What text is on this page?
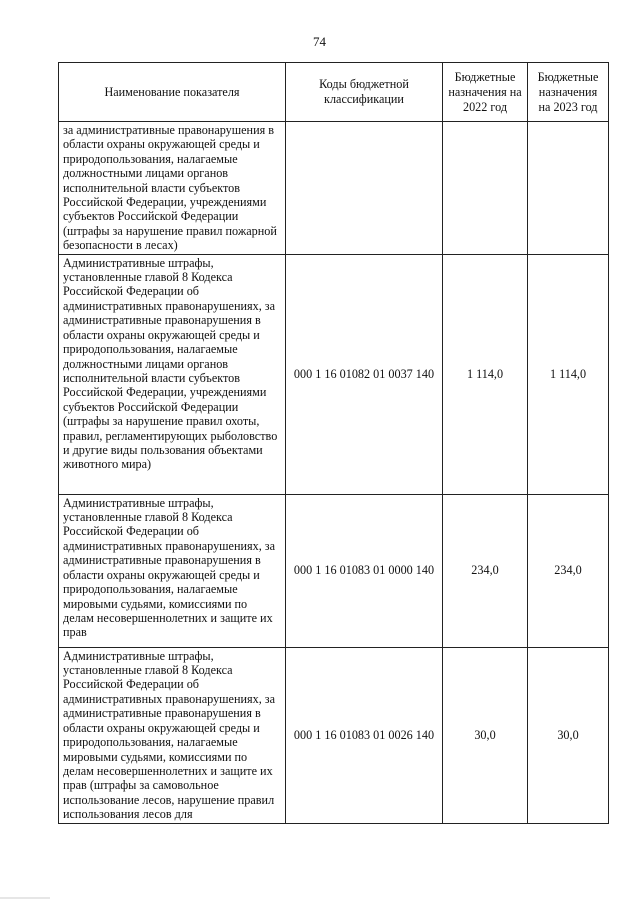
74
Наименование показателя	Коды бюджетной классификации	Бюджетные назначения на 2022 год	Бюджетные назначения на 2023 год
за административные правонарушения в области охраны окружающей среды и природопользования, налагаемые должностными лицами органов исполнительной власти субъектов Российской Федерации, учреждениями субъектов Российской Федерации (штрафы за нарушение правил пожарной безопасности в лесах)			
Административные штрафы, установленные главой 8 Кодекса Российской Федерации об административных правонарушениях, за административные правонарушения в области охраны окружающей среды и природопользования, налагаемые должностными лицами органов исполнительной власти субъектов Российской Федерации, учреждениями субъектов Российской Федерации (штрафы за нарушение правил охоты, правил, регламентирующих рыболовство и другие виды пользования объектами животного мира)	000 1 16 01082 01 0037 140	1 114,0	1 114,0
Административные штрафы, установленные главой 8 Кодекса Российской Федерации об административных правонарушениях, за административные правонарушения в области охраны окружающей среды и природопользования, налагаемые мировыми судьями, комиссиями по делам несовершеннолетних и защите их прав	000 1 16 01083 01 0000 140	234,0	234,0
Административные штрафы, установленные главой 8 Кодекса Российской Федерации об административных правонарушениях, за административные правонарушения в области охраны окружающей среды и природопользования, налагаемые мировыми судьями, комиссиями по делам несовершеннолетних и защите их прав (штрафы за самовольное использование лесов, нарушение правил использования лесов для	000 1 16 01083 01 0026 140	30,0	30,0
